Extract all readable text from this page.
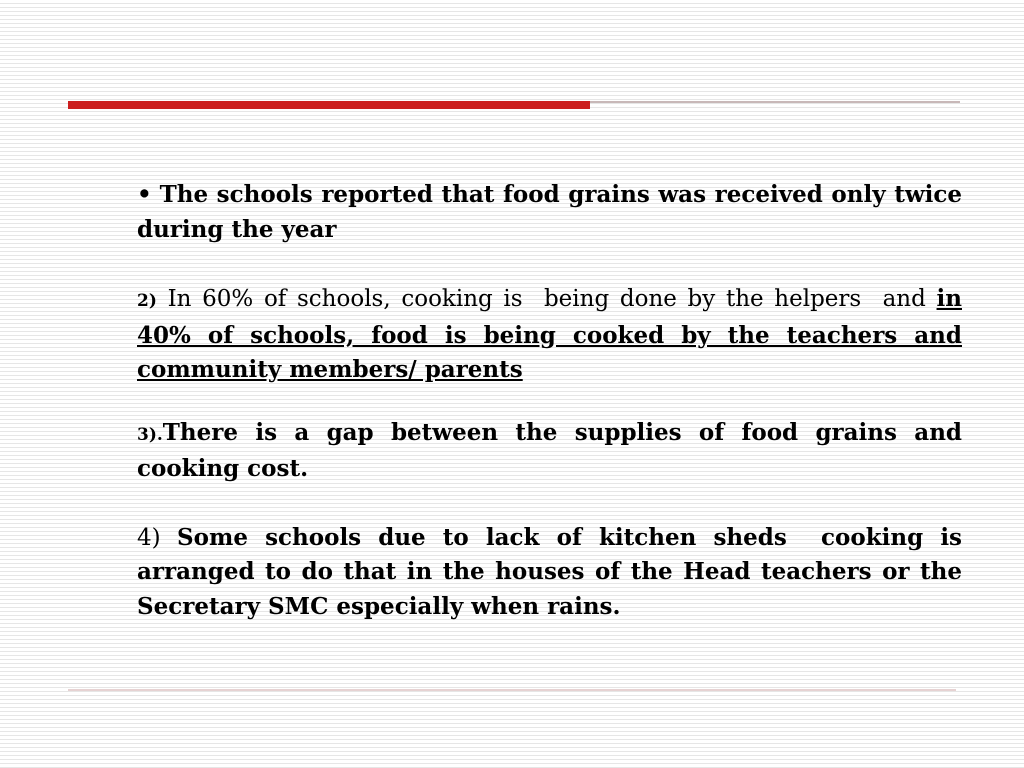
• The schools reported that food grains was received only twice during the year

2) In 60% of schools, cooking is  being done by the helpers  and in 40% of schools, food is being cooked by the teachers and community members/ parents

3).There is a gap between the supplies of food grains and cooking cost.

4) Some schools due to lack of kitchen sheds  cooking is arranged to do that in the houses of the Head teachers or the Secretary SMC especially when rains.
